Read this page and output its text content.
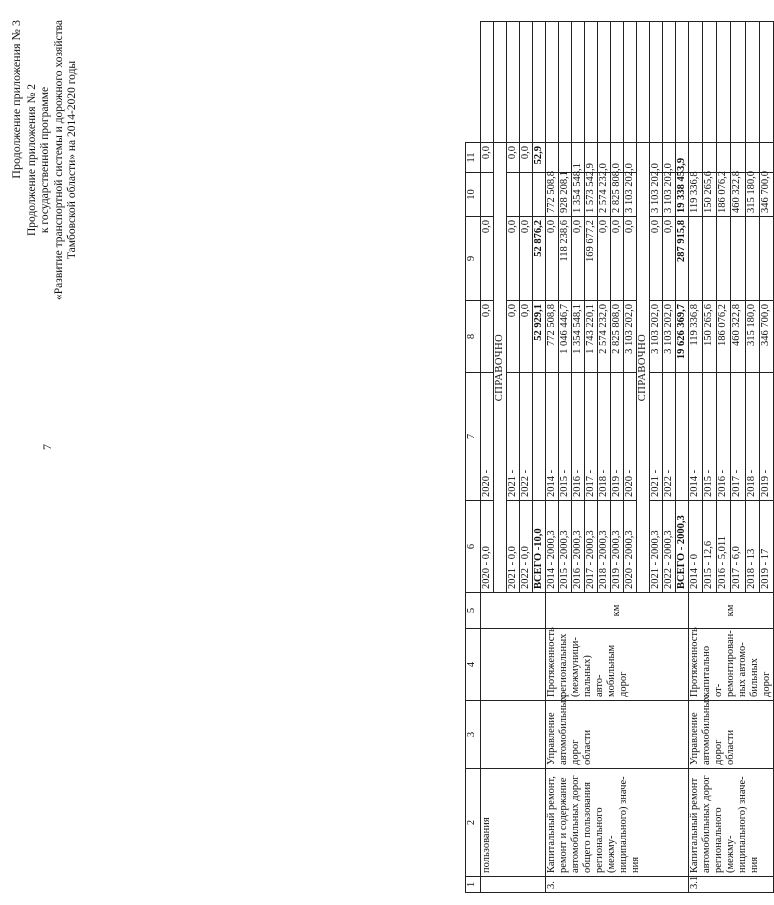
7
Продолжение приложения № 3 Продолжение приложения № 2 к государственной программе «Развитие транспортной системы и дорожного хозяйства Тамбовской области» на 2014-2020 годы
1	2	3	4	5	6	7	8	9	10	11	
	пользования				2020 - 0,0	2020 -	0,0	0,0		0,0	
					СПРАВОЧНО						
					2021 - 0,0	2021 -	0,0	0,0		0,0	
					2022 - 0,0	2022 -	0,0	0,0		0,0	
					ВСЕГО -10,0		52 929,1	52 876,2		52,9	
3.	Капитальный ремонт, ремонт и содержание автомобильных дорог общего пользования регионального (межму-ниципального) значе-ния	Управление автомобильных дорог области	Протяженность региональных (межмуници-пальных) авто-мобильным дорог	км	2014 - 2000,3	2014 -	772 508,8	0,0	772 508,8		
					2015 - 2000,3	2015 -	1 046 446,7	118 238,6	928 208,1		
					2016 - 2000,3	2016 -	1 354 548,1	0,0	1 354 548,1		
					2017 - 2000,3	2017 -	1 743 220,1	169 677,2	1 573 542,9		
					2018 - 2000,3	2018 -	2 574 232,0	0,0	2 574 232,0		
					2019 - 2000,3	2019 -	2 825 808,0	0,0	2 825 808,0		
					2020 - 2000,3	2020 -	3 103 202,0	0,0	3 103 202,0		
					СПРАВОЧНО						
					2021 - 2000,3	2021 -	3 103 202,0	0,0	3 103 202,0		
					2022 - 2000,3	2022 -	3 103 202,0	0,0	3 103 202,0		
					ВСЕГО - 2000,3		19 626 369,7	287 915,8	19 338 453,9		
3.1	Капитальный ремонт автомобильных дорог регионального (межму-ниципального) значе-ния	Управление автомобильных дорог области	Протяженность капитально от-ремонтирован-ных автомо-бильных дорог	км	2014 - 0	2014 -	119 336,8		119 336,8		
					2015 - 12,6	2015 -	150 265,6		150 265,6		
					2016 - 5,011	2016 -	186 076,2		186 076,2		
					2017 - 6,0	2017 -	460 322,8		460 322,8		
					2018 - 13	2018 -	315 180,0		315 180,0		
					2019 - 17	2019 -	346 700,0		346 700,0		
